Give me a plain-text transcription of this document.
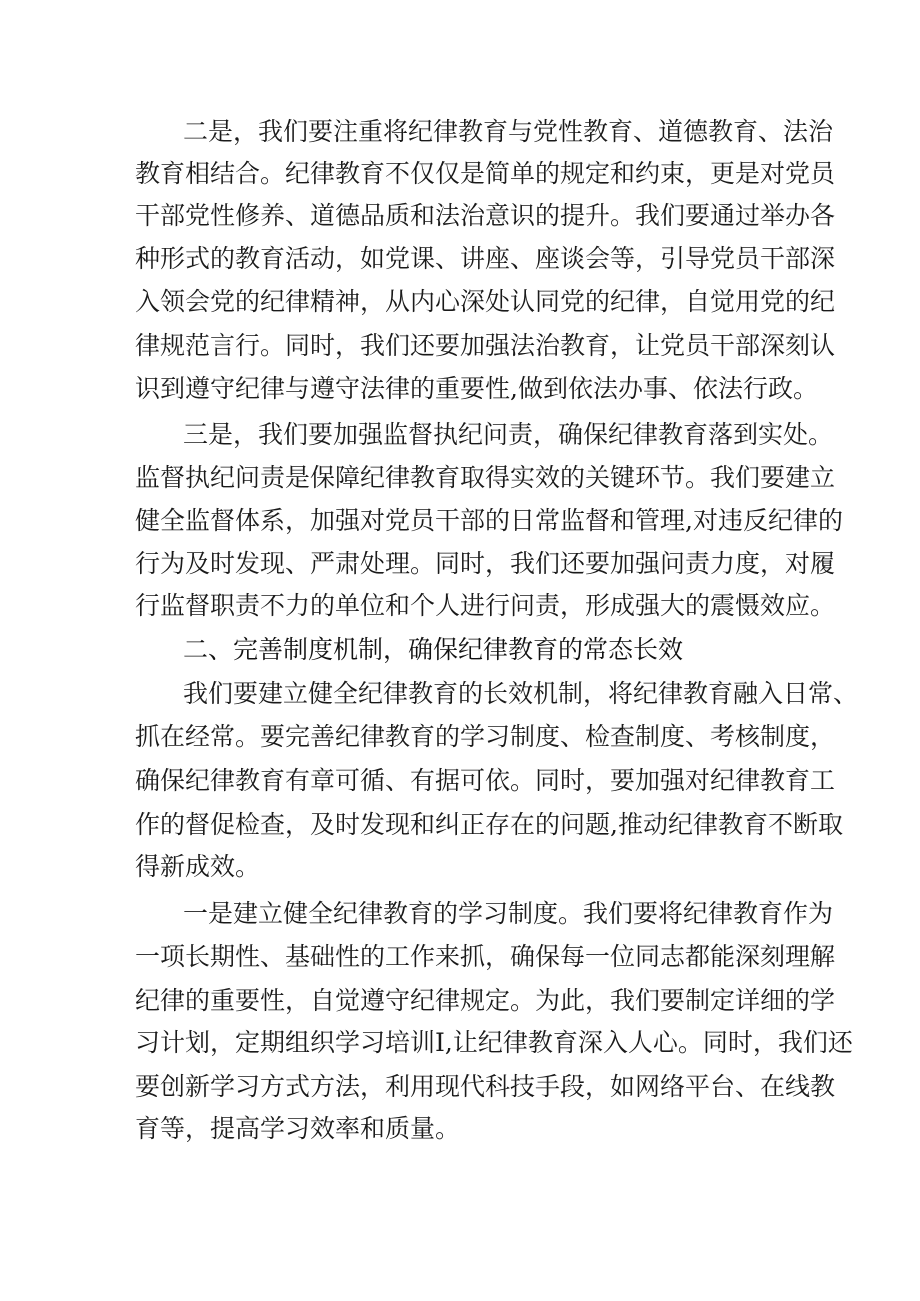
二是，我们要注重将纪律教育与党性教育、道德教育、法治
教育相结合。纪律教育不仅仅是简单的规定和约束，更是对党员
干部党性修养、道德品质和法治意识的提升。我们要通过举办各
种形式的教育活动，如党课、讲座、座谈会等，引导党员干部深
入领会党的纪律精神，从内心深处认同党的纪律，自觉用党的纪
律规范言行。同时，我们还要加强法治教育，让党员干部深刻认
识到遵守纪律与遵守法律的重要性,做到依法办事、依法行政。
三是，我们要加强监督执纪问责，确保纪律教育落到实处。
监督执纪问责是保障纪律教育取得实效的关键环节。我们要建立
健全监督体系，加强对党员干部的日常监督和管理,对违反纪律的
行为及时发现、严肃处理。同时，我们还要加强问责力度，对履
行监督职责不力的单位和个人进行问责，形成强大的震慑效应。
二、完善制度机制，确保纪律教育的常态长效
我们要建立健全纪律教育的长效机制，将纪律教育融入日常、
抓在经常。要完善纪律教育的学习制度、检查制度、考核制度，
确保纪律教育有章可循、有据可依。同时，要加强对纪律教育工
作的督促检查，及时发现和纠正存在的问题,推动纪律教育不断取
得新成效。
一是建立健全纪律教育的学习制度。我们要将纪律教育作为
一项长期性、基础性的工作来抓，确保每一位同志都能深刻理解
纪律的重要性，自觉遵守纪律规定。为此，我们要制定详细的学
习计划，定期组织学习培训I,让纪律教育深入人心。同时，我们还
要创新学习方式方法，利用现代科技手段，如网络平台、在线教
育等，提高学习效率和质量。
